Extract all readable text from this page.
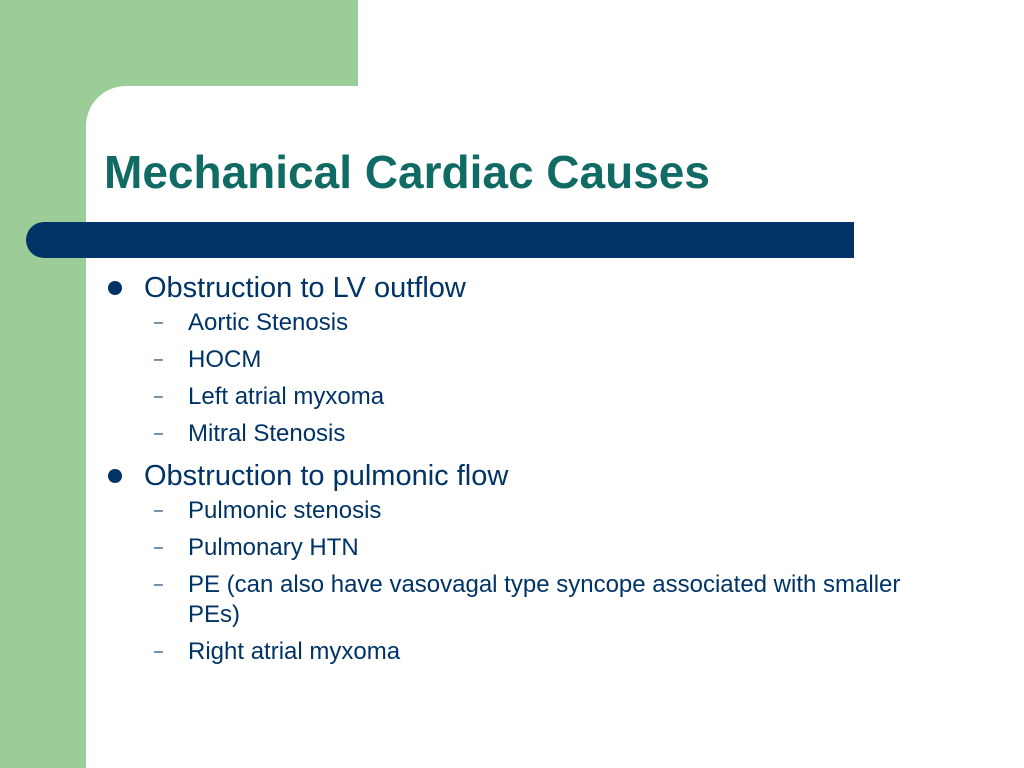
Mechanical Cardiac Causes
Obstruction to LV outflow
– Aortic Stenosis
– HOCM
– Left atrial myxoma
– Mitral Stenosis
Obstruction to pulmonic flow
– Pulmonic stenosis
– Pulmonary HTN
– PE (can also have vasovagal type syncope associated with smaller PEs)
– Right atrial myxoma
